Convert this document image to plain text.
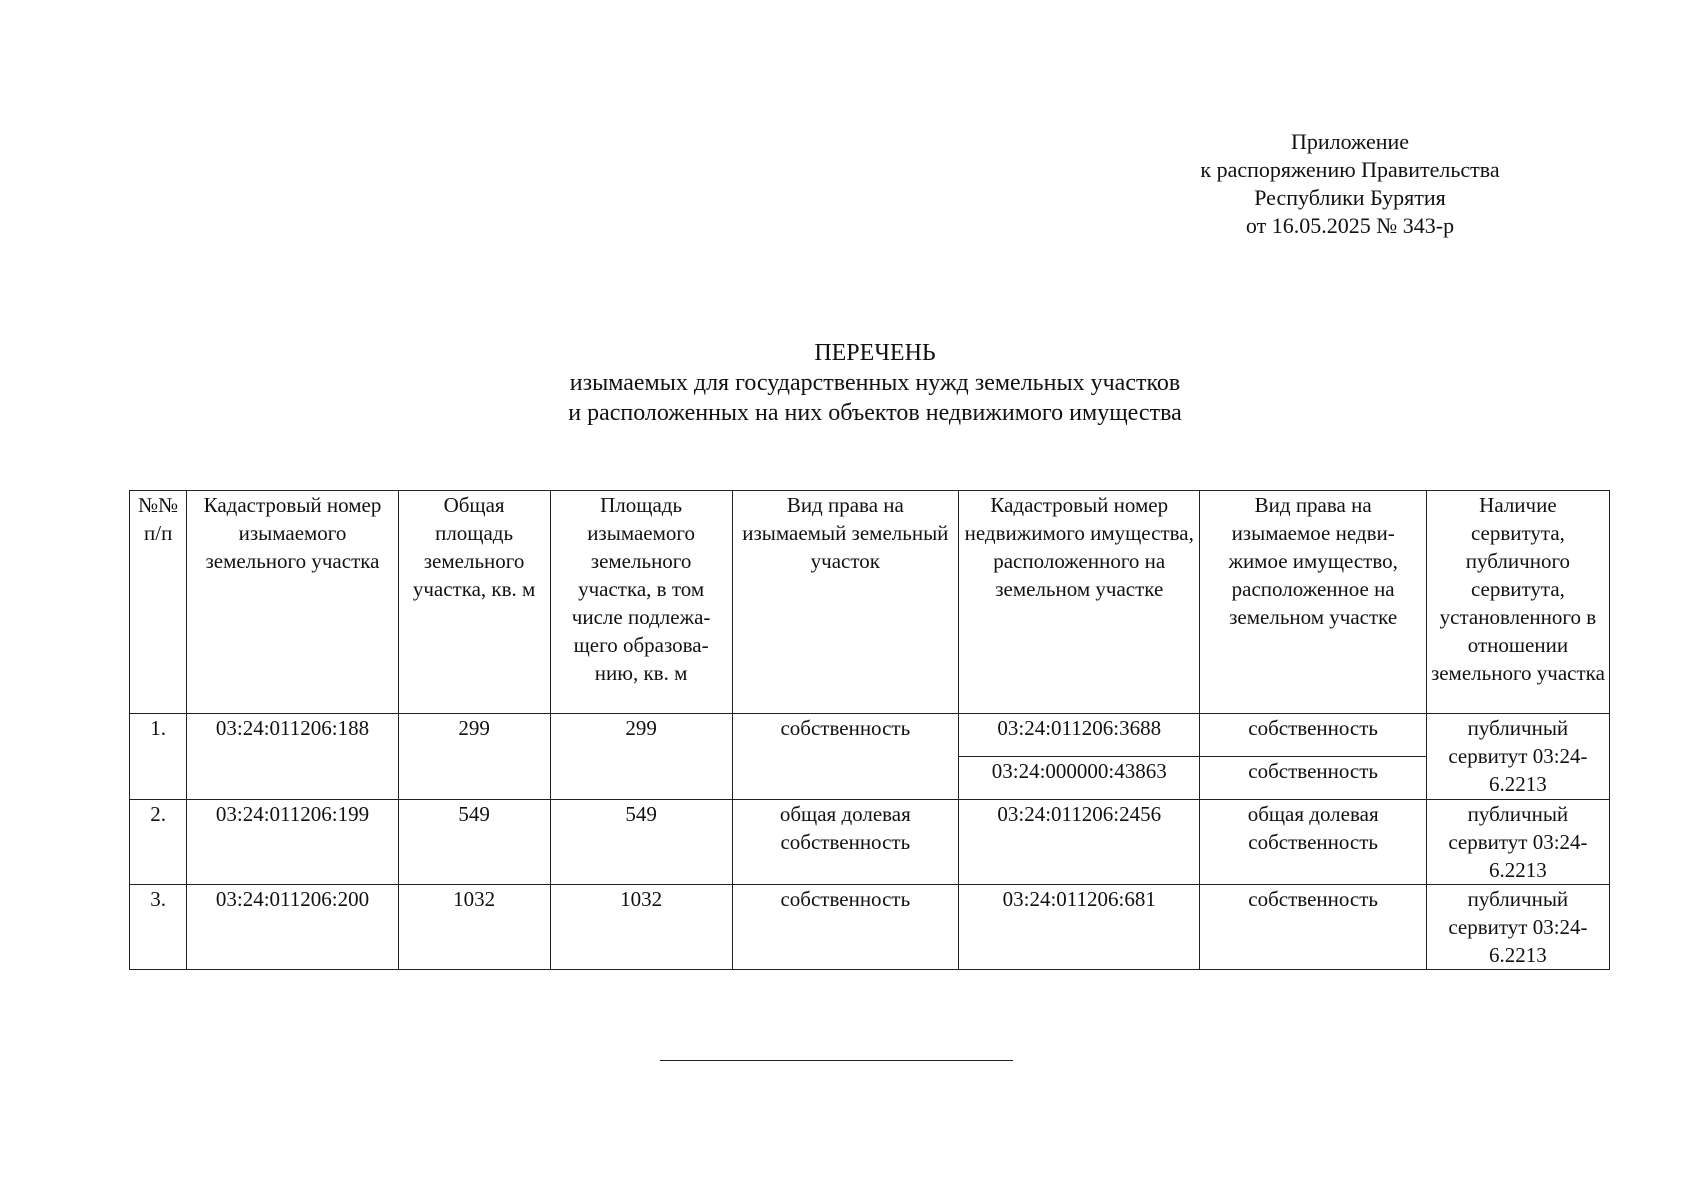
Приложение
к распоряжению Правительства
Республики Бурятия
от 16.05.2025 № 343-р
ПЕРЕЧЕНЬ
изымаемых для государственных нужд земельных участков
и расположенных на них объектов недвижимого имущества
№№ п/п	Кадастровый номер изымаемого земельного участка	Общая площадь земельного участка, кв. м	Площадь изымаемого земельного участка, в том числе подлежа-щего образова-нию, кв. м	Вид права на изымаемый земельный участок	Кадастровый номер недвижимого имущества, расположенного на земельном участке	Вид права на изымаемое недви-жимое имущество, расположенное на земельном участке	Наличие сервитута, публичного сервитута, установленного в отношении земельного участка
1.	03:24:011206:188	299	299	собственность	03:24:011206:3688	собственность	публичный сервитут 03:24-6.2213
					03:24:000000:43863	собственность	
2.	03:24:011206:199	549	549	общая долевая собственность	03:24:011206:2456	общая долевая собственность	публичный сервитут 03:24-6.2213
3.	03:24:011206:200	1032	1032	собственность	03:24:011206:681	собственность	публичный сервитут 03:24-6.2213
